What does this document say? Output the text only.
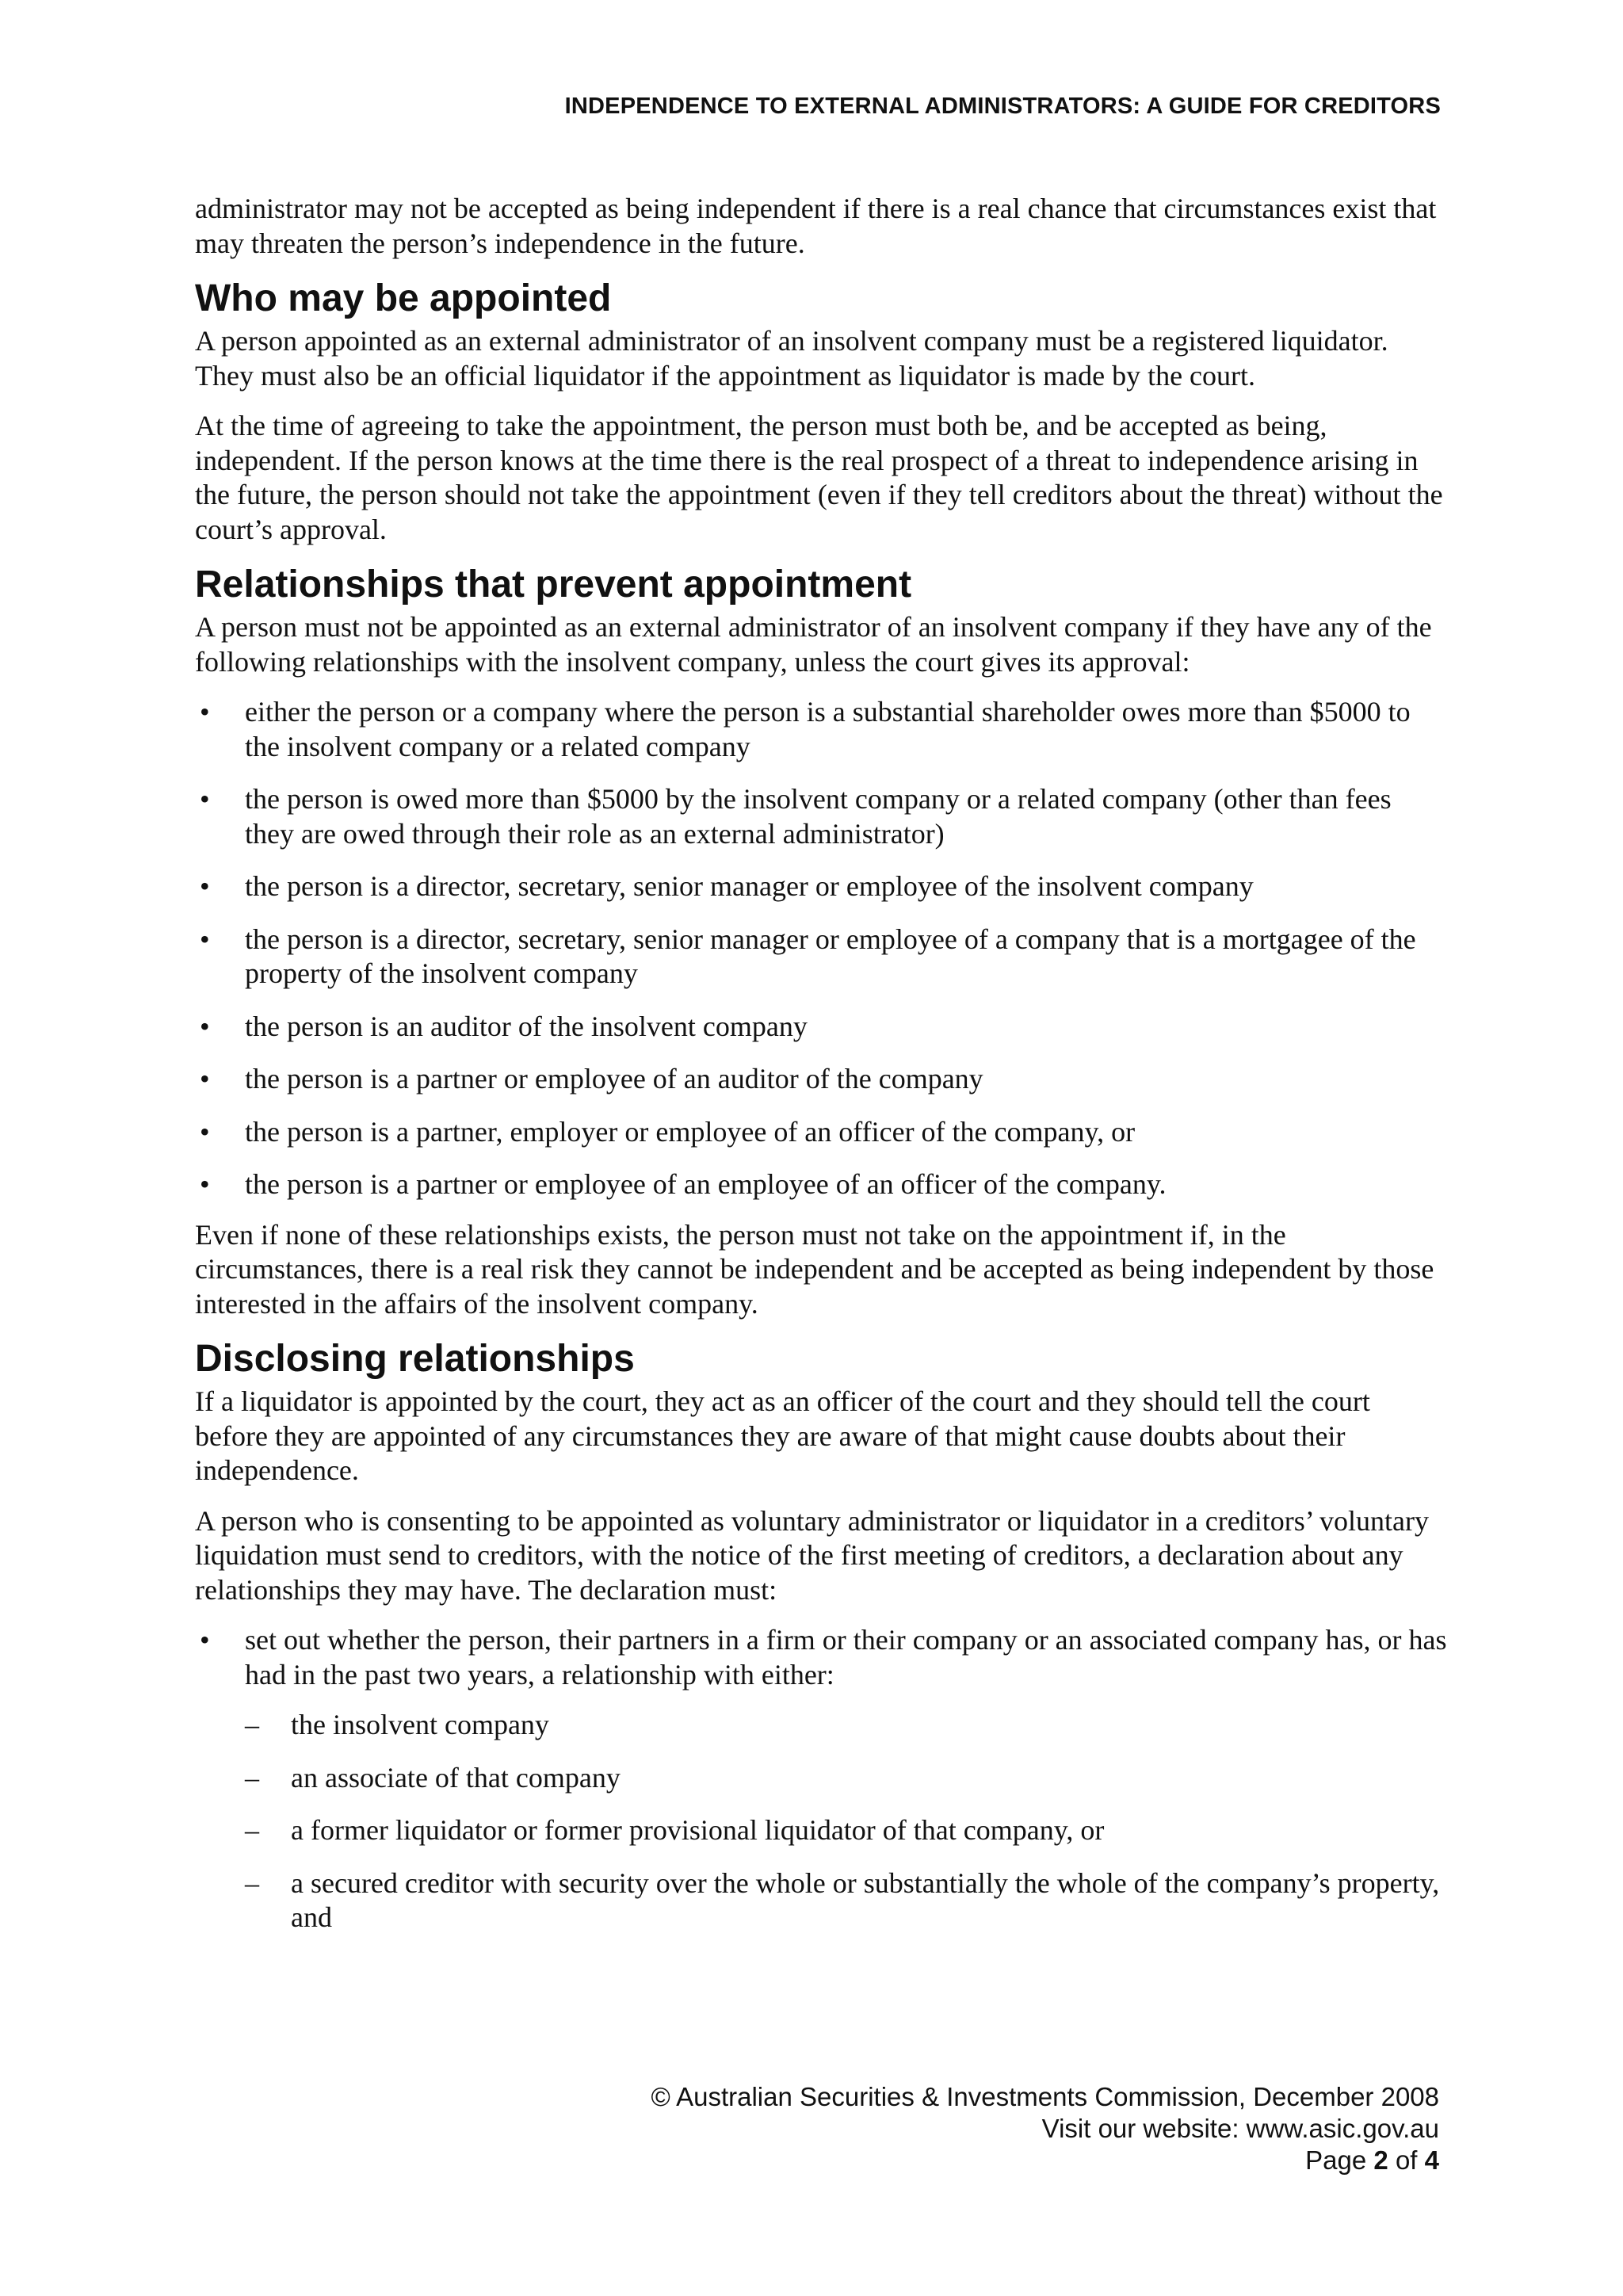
INDEPENDENCE TO EXTERNAL ADMINISTRATORS: A GUIDE FOR CREDITORS

administrator may not be accepted as being independent if there is a real chance that circumstances exist that may threaten the person’s independence in the future.

Who may be appointed

A person appointed as an external administrator of an insolvent company must be a registered liquidator. They must also be an official liquidator if the appointment as liquidator is made by the court.

At the time of agreeing to take the appointment, the person must both be, and be accepted as being, independent. If the person knows at the time there is the real prospect of a threat to independence arising in the future, the person should not take the appointment (even if they tell creditors about the threat) without the court’s approval.

Relationships that prevent appointment

A person must not be appointed as an external administrator of an insolvent company if they have any of the following relationships with the insolvent company, unless the court gives its approval:

• either the person or a company where the person is a substantial shareholder owes more than $5000 to the insolvent company or a related company
• the person is owed more than $5000 by the insolvent company or a related company (other than fees they are owed through their role as an external administrator)
• the person is a director, secretary, senior manager or employee of the insolvent company
• the person is a director, secretary, senior manager or employee of a company that is a mortgagee of the property of the insolvent company
• the person is an auditor of the insolvent company
• the person is a partner or employee of an auditor of the company
• the person is a partner, employer or employee of an officer of the company, or
• the person is a partner or employee of an employee of an officer of the company.

Even if none of these relationships exists, the person must not take on the appointment if, in the circumstances, there is a real risk they cannot be independent and be accepted as being independent by those interested in the affairs of the insolvent company.

Disclosing relationships

If a liquidator is appointed by the court, they act as an officer of the court and they should tell the court before they are appointed of any circumstances they are aware of that might cause doubts about their independence.

A person who is consenting to be appointed as voluntary administrator or liquidator in a creditors’ voluntary liquidation must send to creditors, with the notice of the first meeting of creditors, a declaration about any relationships they may have. The declaration must:

• set out whether the person, their partners in a firm or their company or an associated company has, or has had in the past two years, a relationship with either:
– the insolvent company
– an associate of that company
– a former liquidator or former provisional liquidator of that company, or
– a secured creditor with security over the whole or substantially the whole of the company’s property, and
© Australian Securities & Investments Commission, December 2008
Visit our website: www.asic.gov.au
Page 2 of 4
